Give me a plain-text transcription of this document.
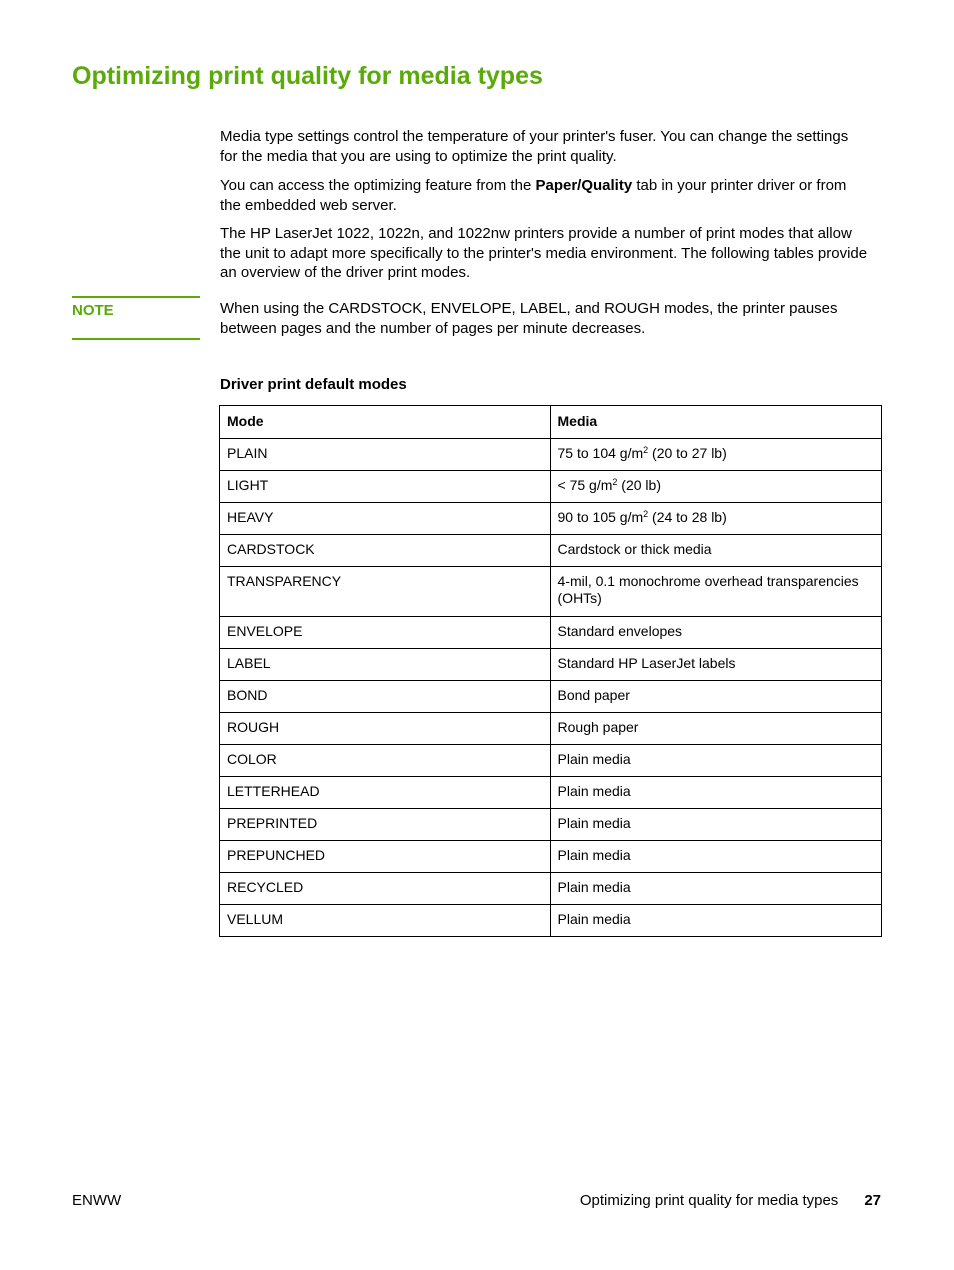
Optimizing print quality for media types

Media type settings control the temperature of your printer's fuser. You can change the settings for the media that you are using to optimize the print quality.

You can access the optimizing feature from the Paper/Quality tab in your printer driver or from the embedded web server.

The HP LaserJet 1022, 1022n, and 1022nw printers provide a number of print modes that allow the unit to adapt more specifically to the printer's media environment. The following tables provide an overview of the driver print modes.

NOTE	When using the CARDSTOCK, ENVELOPE, LABEL, and ROUGH modes, the printer pauses between pages and the number of pages per minute decreases.

Driver print default modes

Mode	Media
PLAIN	75 to 104 $g/m^2$ (20 to 27 lb)
LIGHT	< 75 $g/m^2$ (20 lb)
HEAVY	90 to 105 $g/m^2$ (24 to 28 lb)
CARDSTOCK	Cardstock or thick media
TRANSPARENCY	4-mil, 0.1 monochrome overhead transparencies (OHTs)
ENVELOPE	Standard envelopes
LABEL	Standard HP LaserJet labels
BOND	Bond paper
ROUGH	Rough paper
COLOR	Plain media
LETTERHEAD	Plain media
PREPRINTED	Plain media
PREPUNCHED	Plain media
RECYCLED	Plain media
VELLUM	Plain media
ENWW	Optimizing print quality for media types 27
